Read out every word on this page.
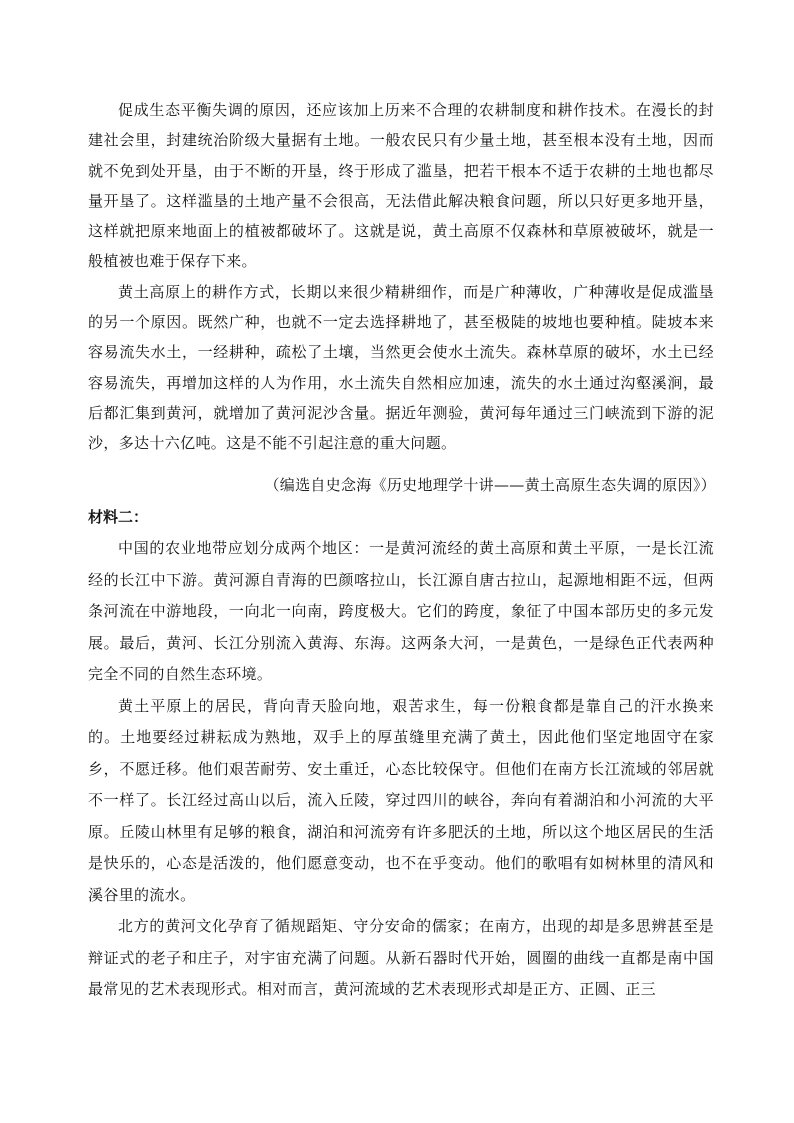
促成生态平衡失调的原因，还应该加上历来不合理的农耕制度和耕作技术。在漫长的封建社会里，封建统治阶级大量据有土地。一般农民只有少量土地，甚至根本没有土地，因而就不免到处开垦，由于不断的开垦，终于形成了滥垦，把若干根本不适于农耕的土地也都尽量开垦了。这样滥垦的土地产量不会很高，无法借此解决粮食问题，所以只好更多地开垦，这样就把原来地面上的植被都破坏了。这就是说，黄土高原不仅森林和草原被破坏，就是一般植被也难于保存下来。

黄土高原上的耕作方式，长期以来很少精耕细作，而是广种薄收，广种薄收是促成滥垦的另一个原因。既然广种，也就不一定去选择耕地了，甚至极陡的坡地也要种植。陡坡本来容易流失水土，一经耕种，疏松了土壤，当然更会使水土流失。森林草原的破坏，水土已经容易流失，再增加这样的人为作用，水土流失自然相应加速，流失的水土通过沟壑溪涧，最后都汇集到黄河，就增加了黄河泥沙含量。据近年测验，黄河每年通过三门峡流到下游的泥沙，多达十六亿吨。这是不能不引起注意的重大问题。

（编选自史念海《历史地理学十讲——黄土高原生态失调的原因》）
材料二：

中国的农业地带应划分成两个地区：一是黄河流经的黄土高原和黄土平原，一是长江流经的长江中下游。黄河源自青海的巴颜喀拉山，长江源自唐古拉山，起源地相距不远，但两条河流在中游地段，一向北一向南，跨度极大。它们的跨度，象征了中国本部历史的多元发展。最后，黄河、长江分别流入黄海、东海。这两条大河，一是黄色，一是绿色正代表两种完全不同的自然生态环境。

黄土平原上的居民，背向青天脸向地，艰苦求生，每一份粮食都是靠自己的汗水换来的。土地要经过耕耘成为熟地，双手上的厚茧缝里充满了黄土，因此他们坚定地固守在家乡，不愿迁移。他们艰苦耐劳、安土重迁，心态比较保守。但他们在南方长江流域的邻居就不一样了。长江经过高山以后，流入丘陵，穿过四川的峡谷，奔向有着湖泊和小河流的大平原。丘陵山林里有足够的粮食，湖泊和河流旁有许多肥沃的土地，所以这个地区居民的生活是快乐的，心态是活泼的，他们愿意变动，也不在乎变动。他们的歌唱有如树林里的清风和溪谷里的流水。

北方的黄河文化孕育了循规蹈矩、守分安命的儒家；在南方，出现的却是多思辨甚至是辩证式的老子和庄子，对宇宙充满了问题。从新石器时代开始，圆圈的曲线一直都是南中国最常见的艺术表现形式。相对而言，黄河流域的艺术表现形式却是正方、正圆、正三
